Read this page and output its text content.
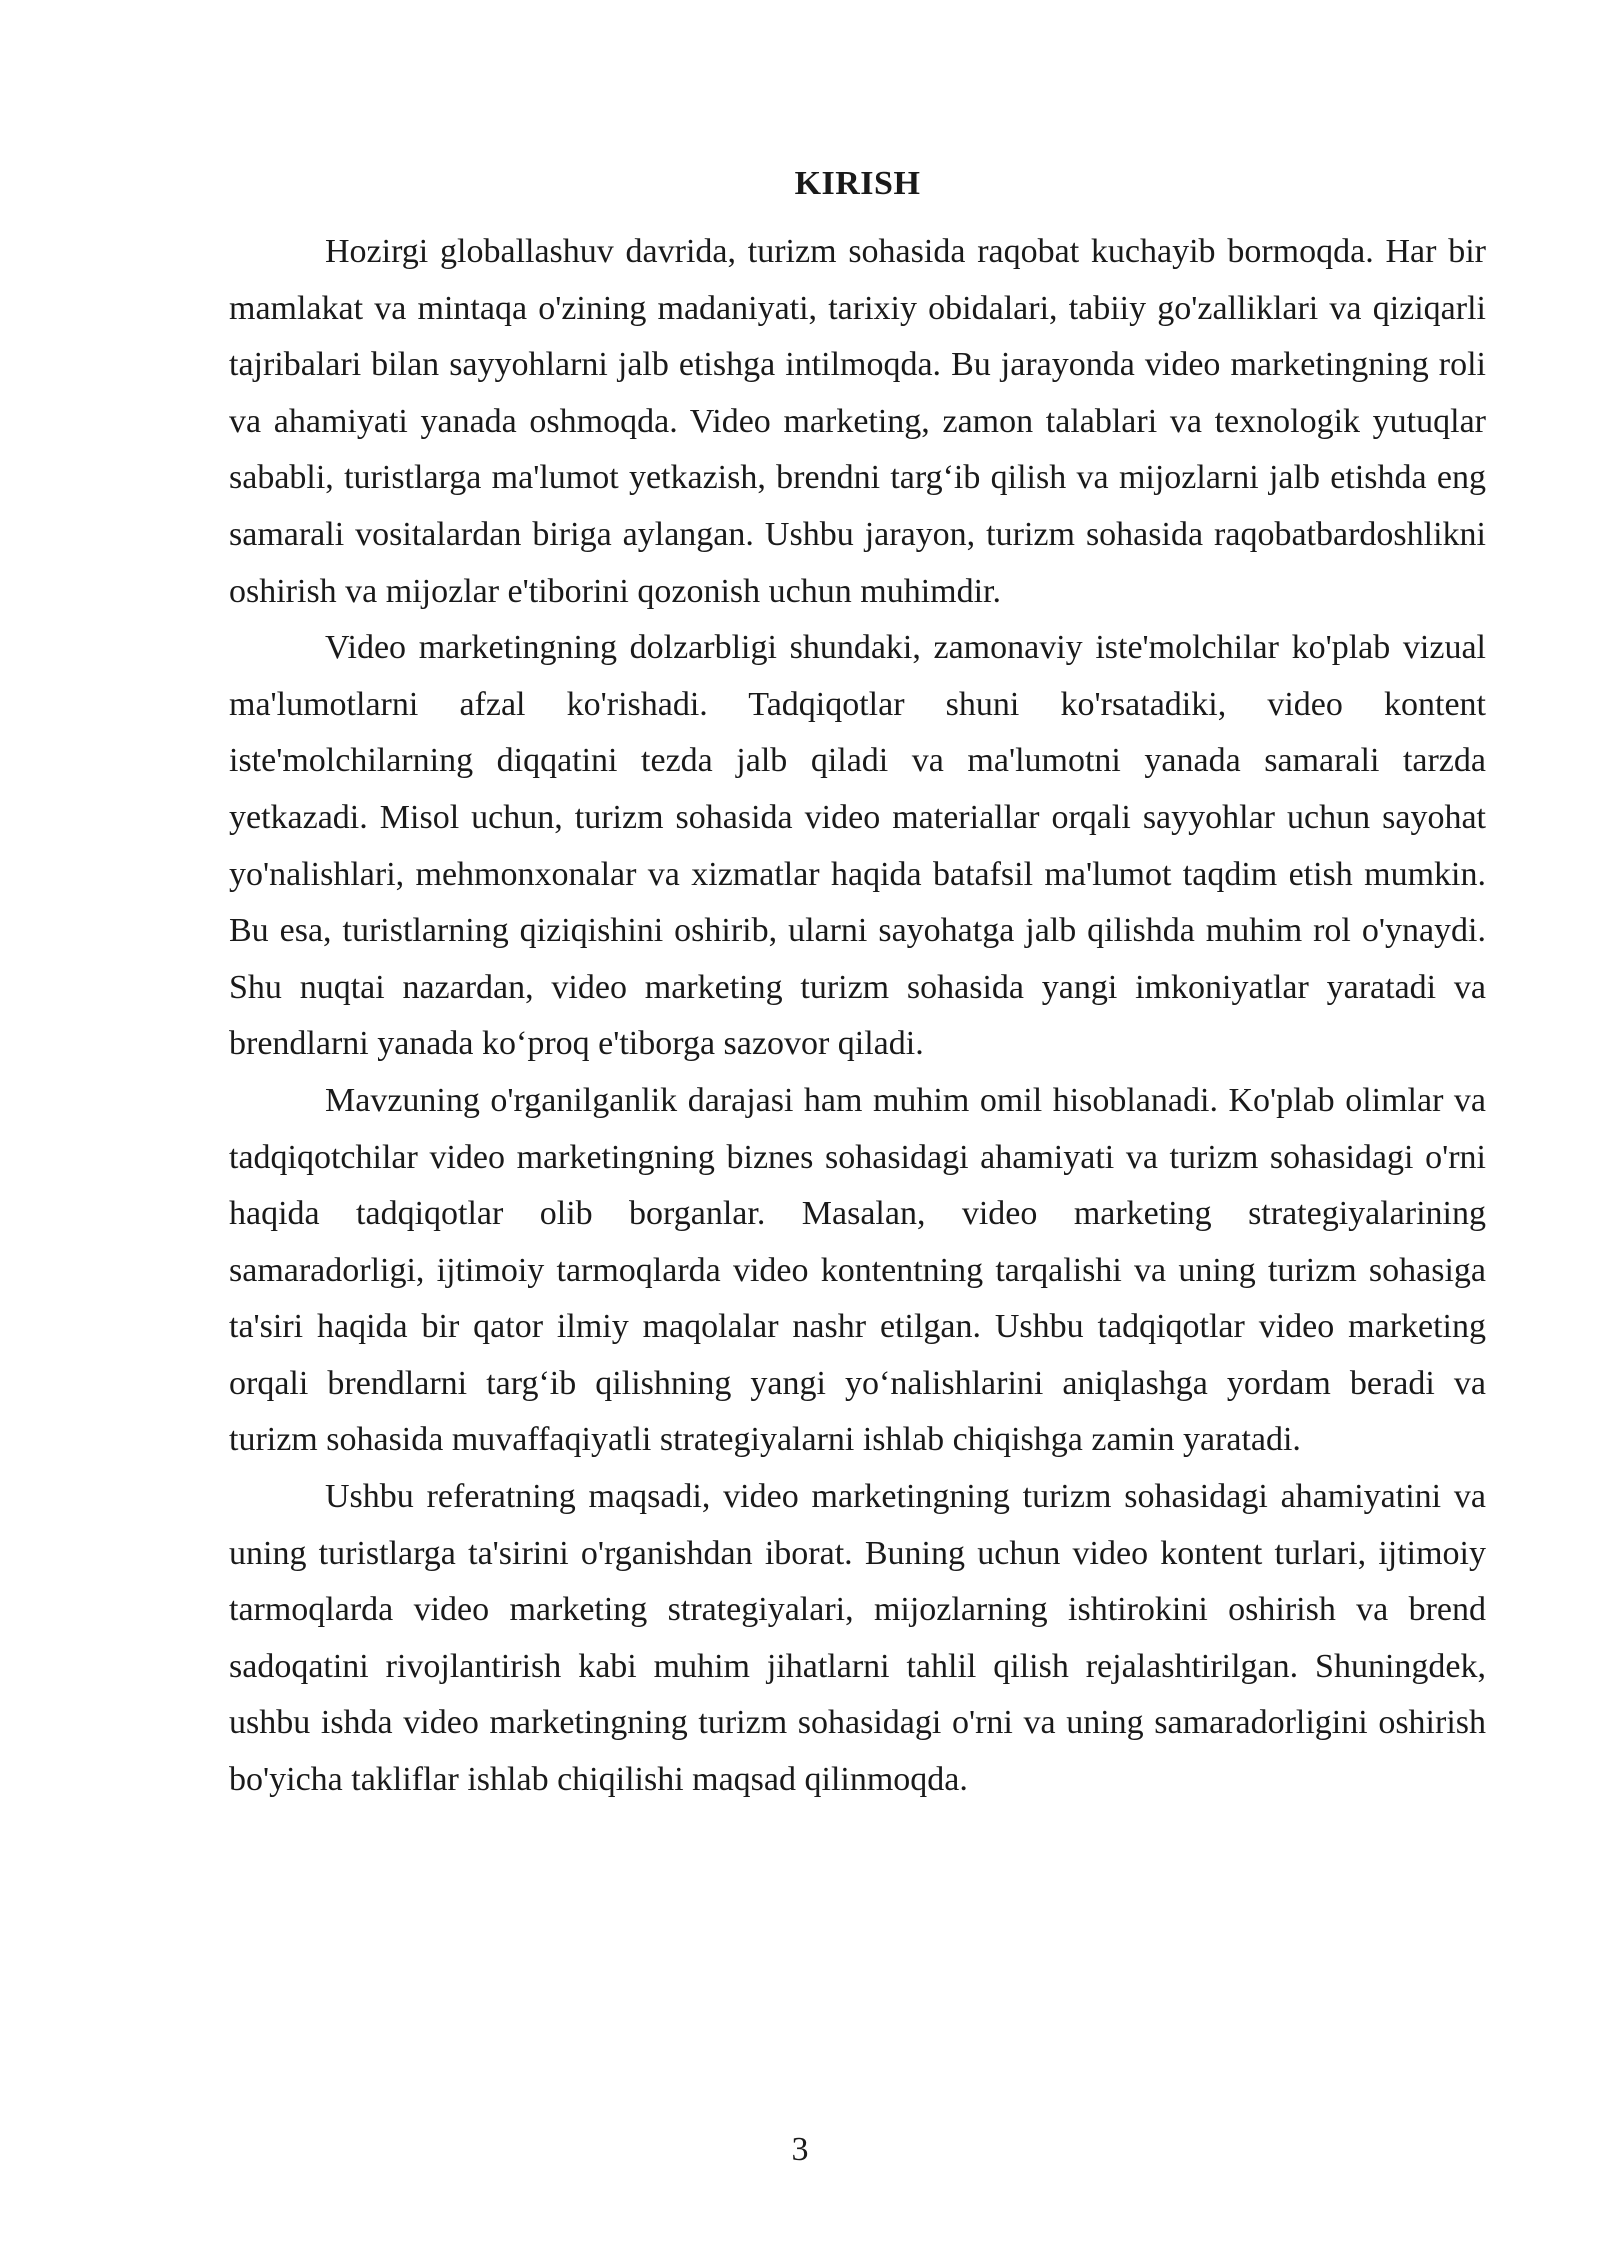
KIRISH

Hozirgi globallashuv davrida, turizm sohasida raqobat kuchayib bormoqda. Har bir mamlakat va mintaqa o'zining madaniyati, tarixiy obidalari, tabiiy go'zalliklari va qiziqarli tajribalari bilan sayyohlarni jalb etishga intilmoqda. Bu jarayonda video marketingning roli va ahamiyati yanada oshmoqda. Video marketing, zamon talablari va texnologik yutuqlar sababli, turistlarga ma'lumot yetkazish, brendni targ‘ib qilish va mijozlarni jalb etishda eng samarali vositalardan biriga aylangan. Ushbu jarayon, turizm sohasida raqobatbardoshlikni oshirish va mijozlar e'tiborini qozonish uchun muhimdir.

Video marketingning dolzarbligi shundaki, zamonaviy iste'molchilar ko'plab vizual ma'lumotlarni afzal ko'rishadi. Tadqiqotlar shuni ko'rsatadiki, video kontent iste'molchilarning diqqatini tezda jalb qiladi va ma'lumotni yanada samarali tarzda yetkazadi. Misol uchun, turizm sohasida video materiallar orqali sayyohlar uchun sayohat yo'nalishlari, mehmonxonalar va xizmatlar haqida batafsil ma'lumot taqdim etish mumkin. Bu esa, turistlarning qiziqishini oshirib, ularni sayohatga jalb qilishda muhim rol o'ynaydi. Shu nuqtai nazardan, video marketing turizm sohasida yangi imkoniyatlar yaratadi va brendlarni yanada ko‘proq e'tiborga sazovor qiladi.

Mavzuning o'rganilganlik darajasi ham muhim omil hisoblanadi. Ko'plab olimlar va tadqiqotchilar video marketingning biznes sohasidagi ahamiyati va turizm sohasidagi o'rni haqida tadqiqotlar olib borganlar. Masalan, video marketing strategiyalarining samaradorligi, ijtimoiy tarmoqlarda video kontentning tarqalishi va uning turizm sohasiga ta'siri haqida bir qator ilmiy maqolalar nashr etilgan. Ushbu tadqiqotlar video marketing orqali brendlarni targ‘ib qilishning yangi yo‘nalishlarini aniqlashga yordam beradi va turizm sohasida muvaffaqiyatli strategiyalarni ishlab chiqishga zamin yaratadi.

Ushbu referatning maqsadi, video marketingning turizm sohasidagi ahamiyatini va uning turistlarga ta'sirini o'rganishdan iborat. Buning uchun video kontent turlari, ijtimoiy tarmoqlarda video marketing strategiyalari, mijozlarning ishtirokini oshirish va brend sadoqatini rivojlantirish kabi muhim jihatlarni tahlil qilish rejalashtirilgan. Shuningdek, ushbu ishda video marketingning turizm sohasidagi o'rni va uning samaradorligini oshirish bo'yicha takliflar ishlab chiqilishi maqsad qilinmoqda.

3
